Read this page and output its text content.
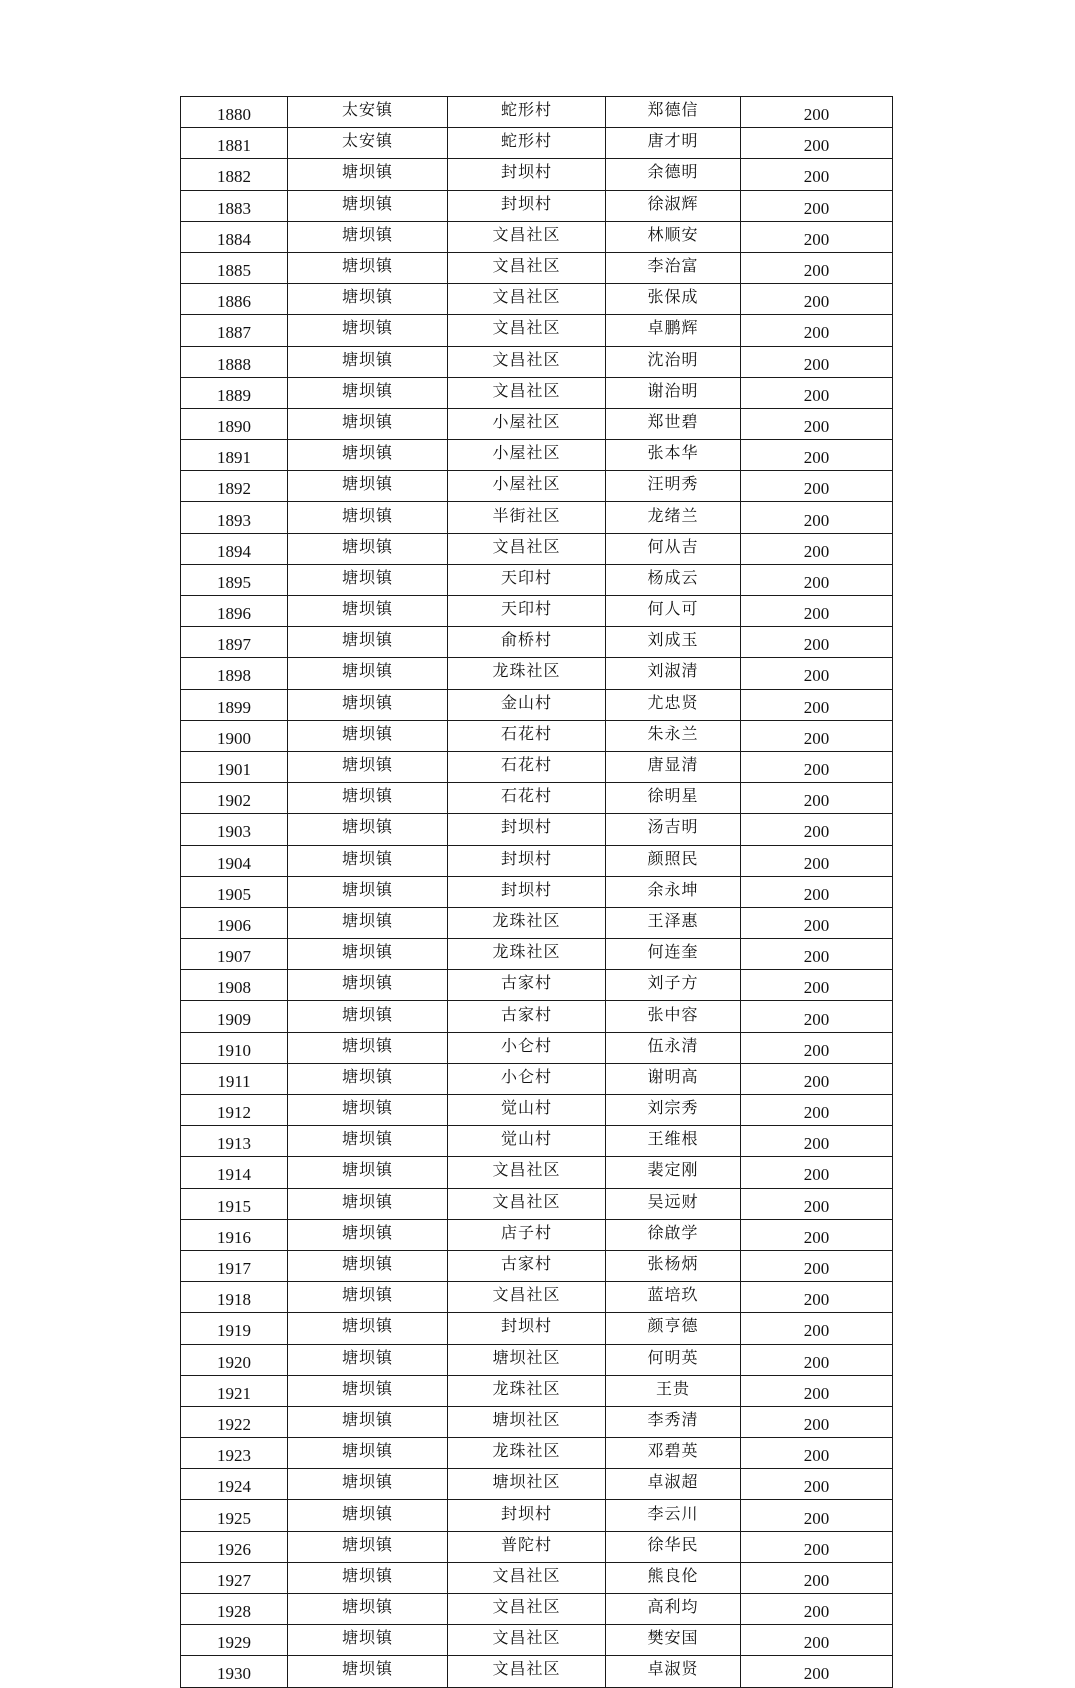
1880	太安镇	蛇形村	郑德信	200
1881	太安镇	蛇形村	唐才明	200
1882	塘坝镇	封坝村	余德明	200
1883	塘坝镇	封坝村	徐淑辉	200
1884	塘坝镇	文昌社区	林顺安	200
1885	塘坝镇	文昌社区	李治富	200
1886	塘坝镇	文昌社区	张保成	200
1887	塘坝镇	文昌社区	卓鹏辉	200
1888	塘坝镇	文昌社区	沈治明	200
1889	塘坝镇	文昌社区	谢治明	200
1890	塘坝镇	小屋社区	郑世碧	200
1891	塘坝镇	小屋社区	张本华	200
1892	塘坝镇	小屋社区	汪明秀	200
1893	塘坝镇	半街社区	龙绪兰	200
1894	塘坝镇	文昌社区	何从吉	200
1895	塘坝镇	天印村	杨成云	200
1896	塘坝镇	天印村	何人可	200
1897	塘坝镇	俞桥村	刘成玉	200
1898	塘坝镇	龙珠社区	刘淑清	200
1899	塘坝镇	金山村	尤忠贤	200
1900	塘坝镇	石花村	朱永兰	200
1901	塘坝镇	石花村	唐显清	200
1902	塘坝镇	石花村	徐明星	200
1903	塘坝镇	封坝村	汤吉明	200
1904	塘坝镇	封坝村	颜照民	200
1905	塘坝镇	封坝村	余永坤	200
1906	塘坝镇	龙珠社区	王泽惠	200
1907	塘坝镇	龙珠社区	何连奎	200
1908	塘坝镇	古家村	刘子方	200
1909	塘坝镇	古家村	张中容	200
1910	塘坝镇	小仑村	伍永清	200
1911	塘坝镇	小仑村	谢明高	200
1912	塘坝镇	觉山村	刘宗秀	200
1913	塘坝镇	觉山村	王维根	200
1914	塘坝镇	文昌社区	裴定刚	200
1915	塘坝镇	文昌社区	吴远财	200
1916	塘坝镇	店子村	徐啟学	200
1917	塘坝镇	古家村	张杨炳	200
1918	塘坝镇	文昌社区	蓝培玖	200
1919	塘坝镇	封坝村	颜亨德	200
1920	塘坝镇	塘坝社区	何明英	200
1921	塘坝镇	龙珠社区	王贵	200
1922	塘坝镇	塘坝社区	李秀清	200
1923	塘坝镇	龙珠社区	邓碧英	200
1924	塘坝镇	塘坝社区	卓淑超	200
1925	塘坝镇	封坝村	李云川	200
1926	塘坝镇	普陀村	徐华民	200
1927	塘坝镇	文昌社区	熊良伦	200
1928	塘坝镇	文昌社区	高利均	200
1929	塘坝镇	文昌社区	樊安国	200
1930	塘坝镇	文昌社区	卓淑贤	200
